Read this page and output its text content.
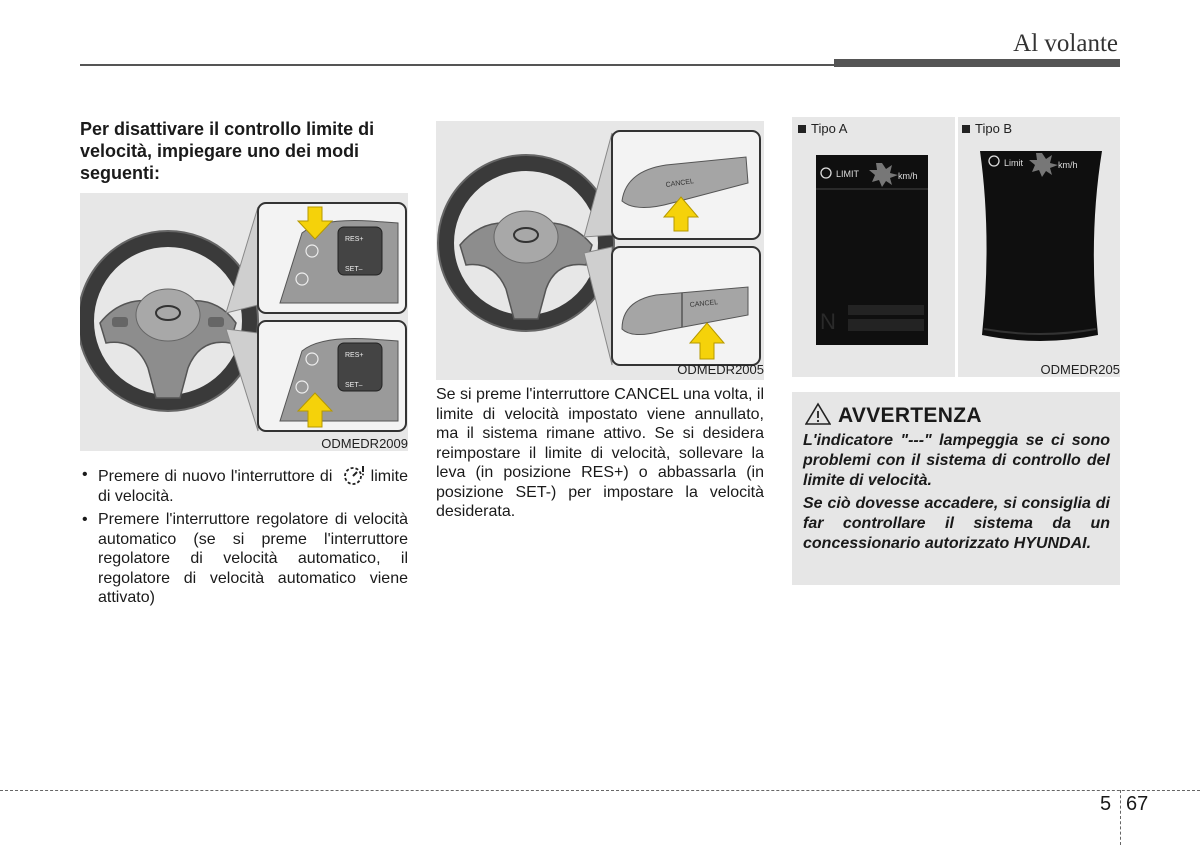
Al volante
Per disattivare il controllo limite di velocità, impiegare uno dei modi seguenti:
RES+
SET–
RES+
SET–
ODMEDR2009
• Premere di nuovo l'interruttore di limite di velocità.
• Premere l'interruttore regolatore di velocità automatico (se si preme l'interruttore regolatore di velocità automatico, il regolatore di velocità automatico viene attivato)
CANCEL
CANCEL
ODMEDR2005
Se si preme l'interruttore CANCEL una volta, il limite di velocità impostato viene annullato, ma il sistema rimane attivo. Se si desidera reimpostare il limite di velocità, sollevare la leva (in posizione RES+) o abbassarla (in posizione SET-) per impostare la velocità desiderata.
LIMIT	km/h
N
Limit	km/h
Tipo A	Tipo B
ODMEDR205
AVVERTENZA
L'indicatore "---" lampeggia se ci sono problemi con il sistema di controllo del limite di velocità.
Se ciò dovesse accadere, si consiglia di far controllare il sistema da un concessionario autorizzato HYUNDAI.
5 67
